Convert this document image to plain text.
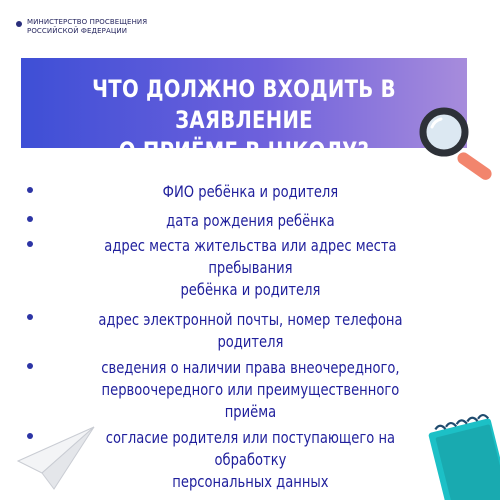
МИНИСТЕРСТВО ПРОСВЕЩЕНИЯ
РОССИЙСКОЙ ФЕДЕРАЦИИ
ЧТО ДОЛЖНО ВХОДИТЬ В ЗАЯВЛЕНИЕ
О ПРИЁМЕ В ШКОЛУ?
ФИО ребёнка и родителя
дата рождения ребёнка
адрес места жительства или адрес места пребывания
ребёнка и родителя
адрес электронной почты, номер телефона родителя
сведения о наличии права внеочередного,
первоочередного или преимущественного приёма
согласие родителя или поступающего на обработку
персональных данных
